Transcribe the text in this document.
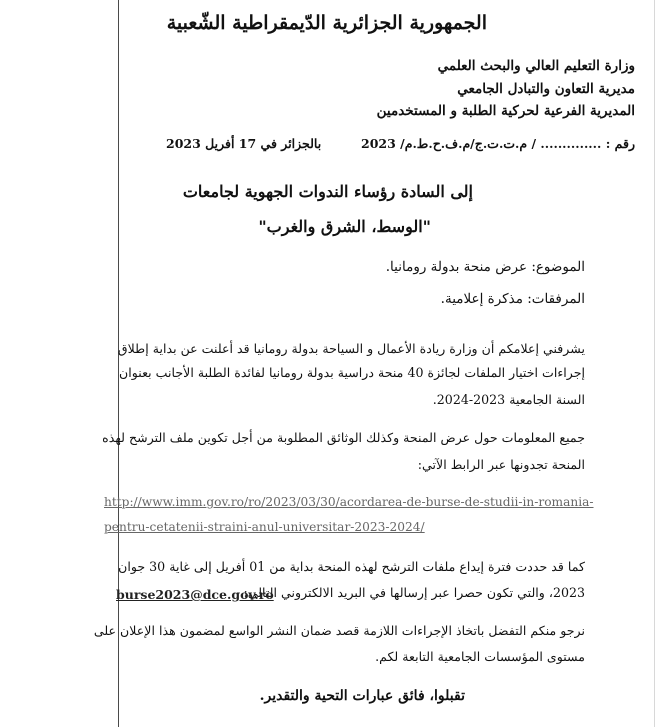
الجمهورية الجزائرية الدّيمقراطية الشّعبية
وزارة التعليم العالي والبحث العلمي
مديرية التعاون والتبادل الجامعي
المديرية الفرعية لحركية الطلبة و المستخدمين
رقم : .............. / م.ت.ت.ج/م.ف.ح.ط.م/ 2023
بالجزائر في 17 أفريل 2023
إلى السادة رؤساء الندوات الجهوية لجامعات
"الوسط، الشرق والغرب"
الموضوع: عرض منحة بدولة رومانيا.
المرفقات: مذكرة إعلامية.
يشرفني إعلامكم أن وزارة ريادة الأعمال و السياحة بدولة رومانيا قد أعلنت عن بداية إطلاق
إجراءات اختيار الملفات لجائزة 40 منحة دراسية بدولة رومانيا لفائدة الطلبة الأجانب بعنوان
السنة الجامعية 2023-2024.
جميع المعلومات حول عرض المنحة وكذلك الوثائق المطلوبة من أجل تكوين ملف الترشح لهذه
المنحة تجدونها عبر الرابط الآتي:
http://www.imm.gov.ro/ro/2023/03/30/acordarea-de-burse-de-studii-in-romania-
pentru-cetatenii-straini-anul-universitar-2023-2024/
كما قد حددت فترة إيداع ملفات الترشح لهذه المنحة بداية من 01 أفريل إلى غاية 30 جوان
2023، والتي تكون حصرا عبر إرسالها في البريد الالكتروني التالي:
burse2023@dce.gov.ro
نرجو منكم التفضل باتخاذ الإجراءات اللازمة قصد ضمان النشر الواسع لمضمون هذا الإعلان على
مستوى المؤسسات الجامعية التابعة لكم.
تقبلوا، فائق عبارات التحية والتقدير.
